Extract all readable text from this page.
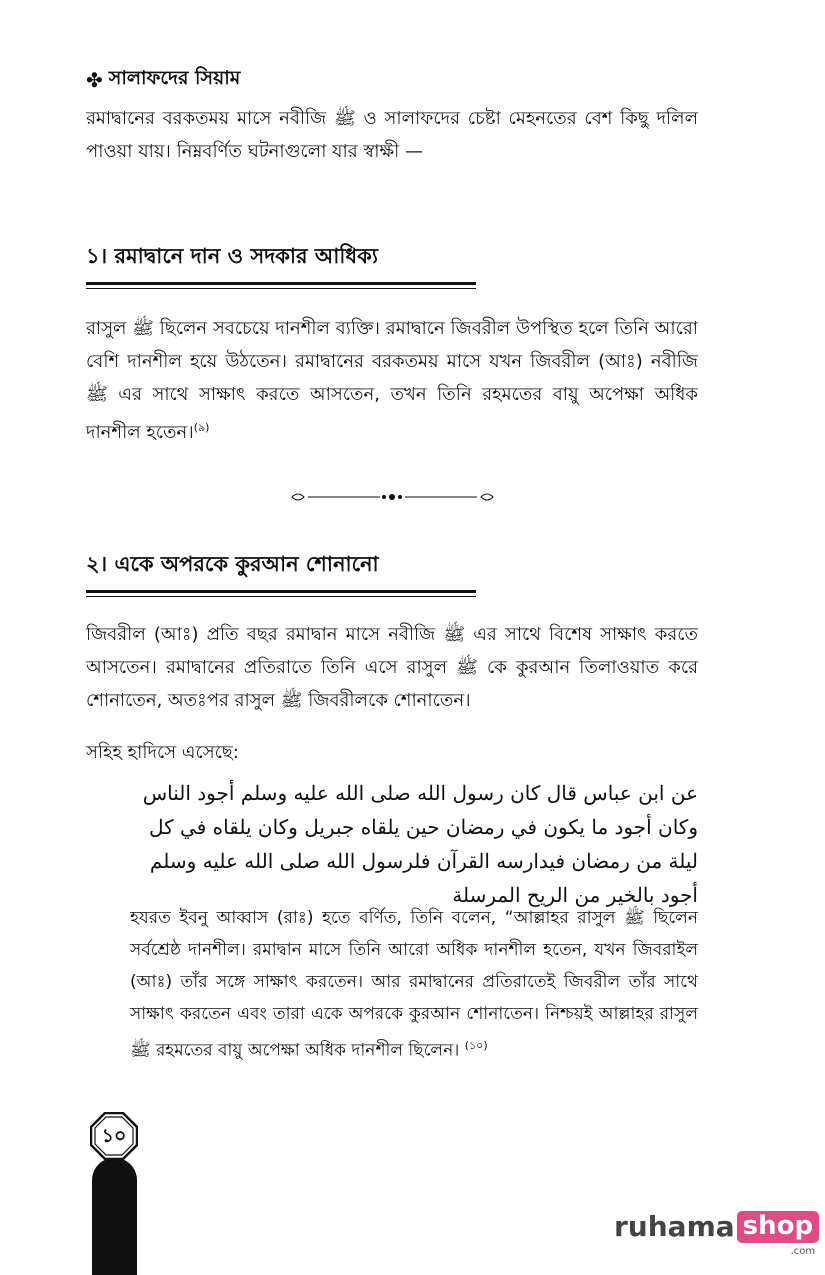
✤ সালাফদের সিয়াম
রমাদ্বানের বরকতময় মাসে নবীজি ﷺ ও সালাফদের চেষ্টা মেহনতের বেশ কিছু দলিল পাওয়া যায়। নিম্নবর্ণিত ঘটনাগুলো যার স্বাক্ষী —
১। রমাদ্বানে দান ও সদকার আধিক্য
রাসুল ﷺ ছিলেন সবচেয়ে দানশীল ব্যক্তি। রমাদ্বানে জিবরীল উপস্থিত হলে তিনি আরো বেশি দানশীল হয়ে উঠতেন। রমাদ্বানের বরকতময় মাসে যখন জিবরীল (আঃ) নবীজি ﷺ এর সাথে সাক্ষাৎ করতে আসতেন, তখন তিনি রহমতের বায়ু অপেক্ষা অধিক দানশীল হতেন।$^{(৯)}$
২। একে অপরকে কুরআন শোনানো
জিবরীল (আঃ) প্রতি বছর রমাদ্বান মাসে নবীজি ﷺ এর সাথে বিশেষ সাক্ষাৎ করতে আসতেন। রমাদ্বানের প্রতিরাতে তিনি এসে রাসুল ﷺ কে কুরআন তিলাওয়াত করে শোনাতেন, অতঃপর রাসুল ﷺ জিবরীলকে শোনাতেন।
সহিহ হাদিসে এসেছে:
عن ابن عباس قال كان رسول الله صلى الله عليه وسلم أجود الناس وكان أجود ما يكون في رمضان حين يلقاه جبريل وكان يلقاه في كل ليلة من رمضان فيدارسه القرآن فلرسول الله صلى الله عليه وسلم أجود بالخير من الريح المرسلة
হযরত ইবনু আব্বাস (রাঃ) হতে বর্ণিত, তিনি বলেন, “আল্লাহর রাসুল ﷺ ছিলেন সর্বশ্রেষ্ঠ দানশীল। রমাদ্বান মাসে তিনি আরো অধিক দানশীল হতেন, যখন জিবরাইল (আঃ) তাঁর সঙ্গে সাক্ষাৎ করতেন। আর রমাদ্বানের প্রতিরাতেই জিবরীল তাঁর সাথে সাক্ষাৎ করতেন এবং তারা একে অপরকে কুরআন শোনাতেন। নিশ্চয়ই আল্লাহর রাসুল ﷺ রহমতের বায়ু অপেক্ষা অধিক দানশীল ছিলেন। $^{(১০)}$
১০
ruhama shop
.com
